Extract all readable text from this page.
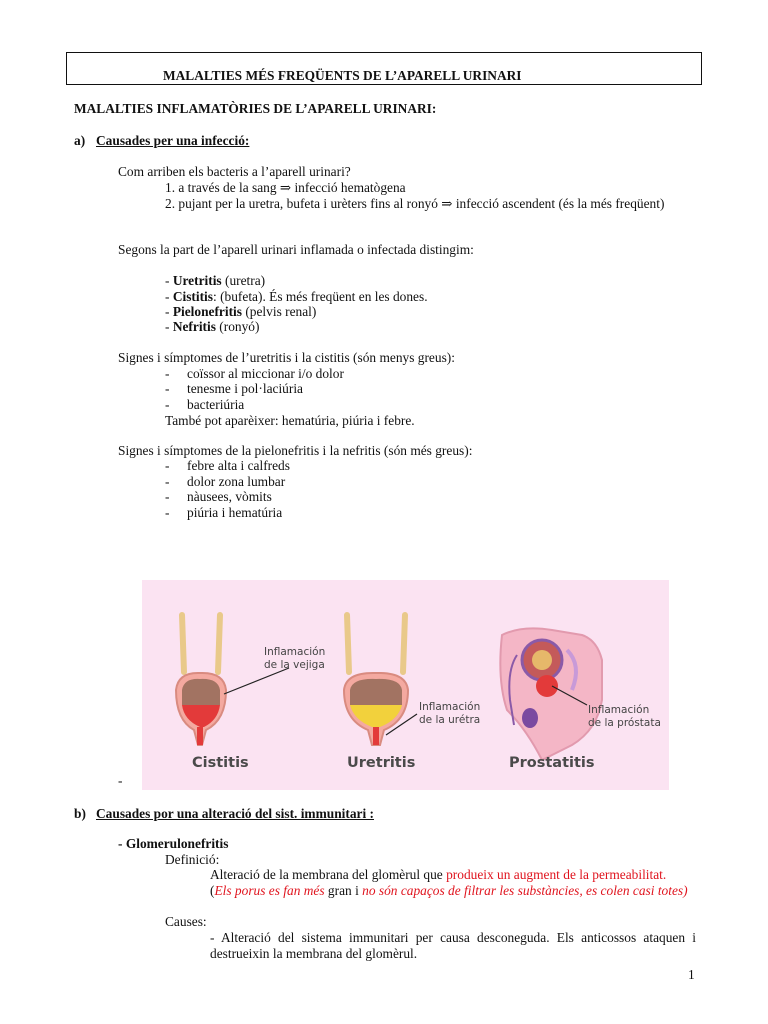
MALALTIES MÉS FREQÜENTS DE L’APARELL URINARI
MALALTIES INFLAMATÒRIES DE L’APARELL URINARI:
a) Causades per una infecció:
Com arriben els bacteris a l’aparell urinari?
1. a través de la sang ⇒ infecció hematògena
2. pujant per la uretra, bufeta i urèters fins al ronyó ⇒ infecció ascendent (és la més freqüent)
Segons la part de l’aparell urinari inflamada o infectada distingim:
- Uretritis (uretra)
- Cistitis: (bufeta). És més freqüent en les dones.
- Pielonefritis (pelvis renal)
- Nefritis (ronyó)
Signes i símptomes de l’uretritis i la cistitis (són menys greus):
- coïssor al miccionar i/o dolor
- tenesme i pol·laciúria
- bacteriúria
També pot aparèixer: hematúria, piúria i febre.
Signes i símptomes de la pielonefritis i la nefritis (són més greus):
- febre alta i calfreds
- dolor zona lumbar
- nàusees, vòmits
- piúria i hematúria
Inflamación
de la vejiga
Inflamación
de la urétra
Inflamación
de la próstata
Cistitis	Uretritis	Prostatitis
-
b) Causades por una alteració del sist. immunitari :
- Glomerulonefritis
Definició:
Alteració de la membrana del glomèrul que produeix un augment de la permeabilitat.
(Els porus es fan més gran i no són capaços de filtrar les substàncies, es colen casi totes)
Causes:
- Alteració del sistema immunitari per causa desconeguda. Els anticossos ataquen i destrueixin la membrana del glomèrul.
1
